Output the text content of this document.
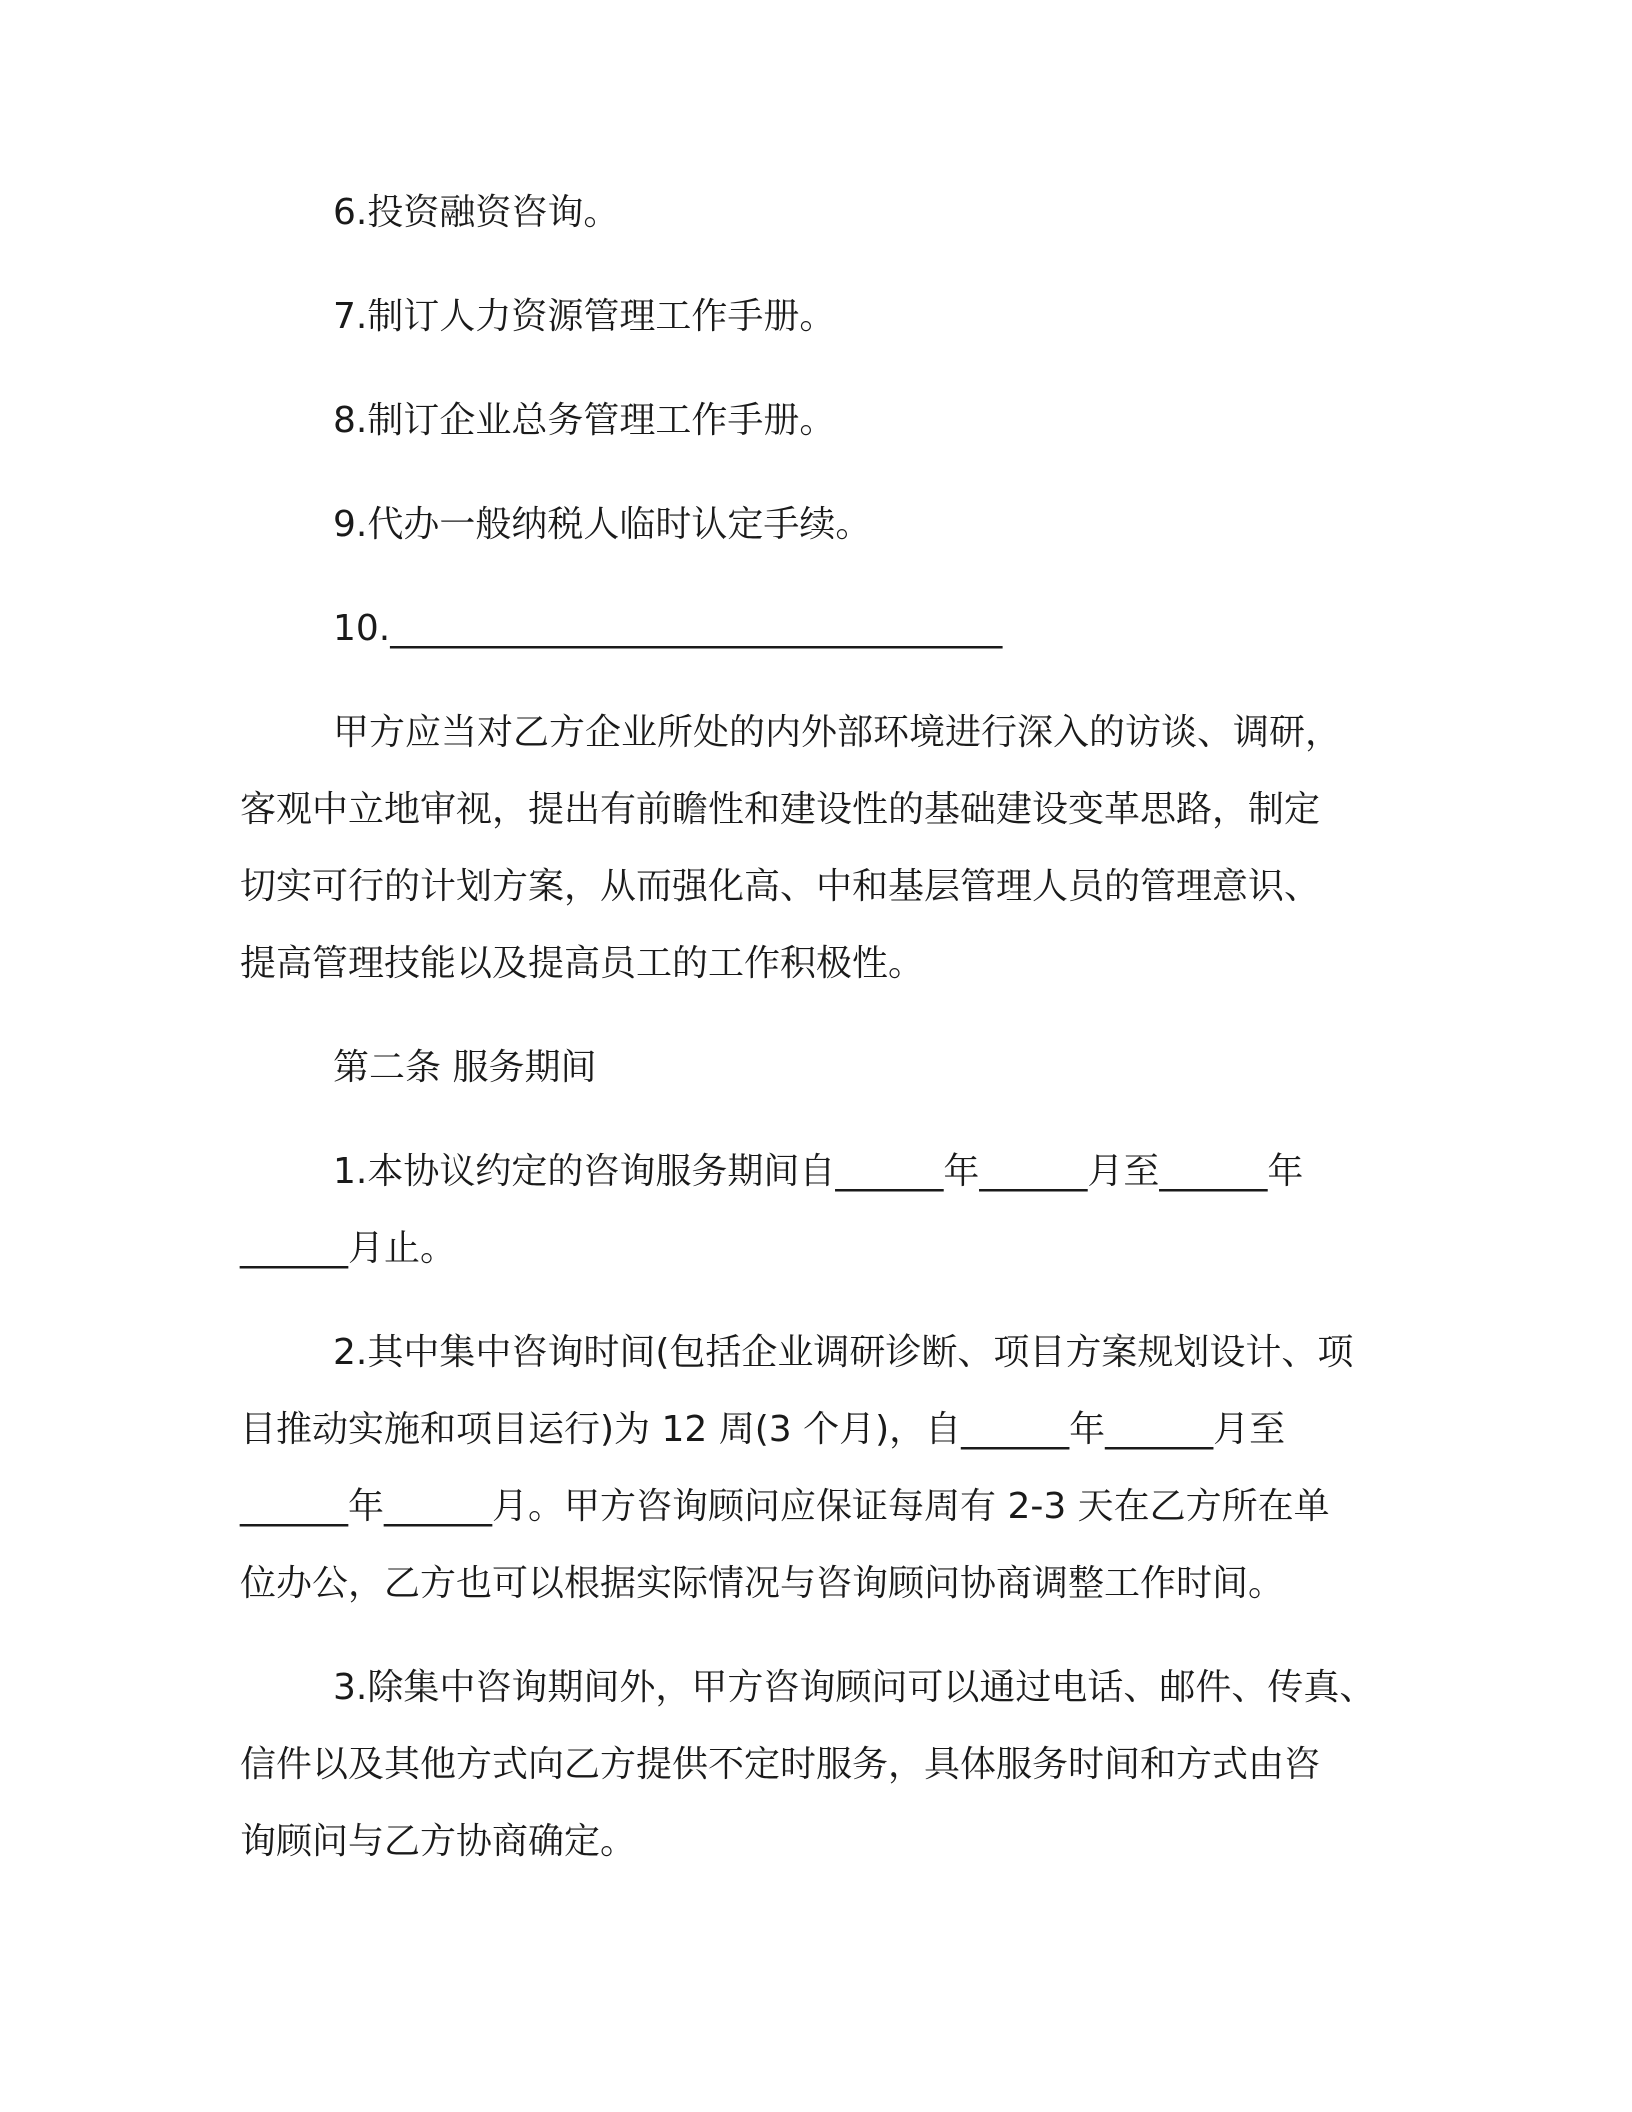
6.投资融资咨询。

7.制订人力资源管理工作手册。

8.制订企业总务管理工作手册。

9.代办一般纳税人临时认定手续。

10.__________________________________

甲方应当对乙方企业所处的内外部环境进行深入的访谈、调研，
客观中立地审视，提出有前瞻性和建设性的基础建设变革思路，制定
切实可行的计划方案，从而强化高、中和基层管理人员的管理意识、
提高管理技能以及提高员工的工作积极性。

第二条 服务期间

1.本协议约定的咨询服务期间自______年______月至______年
______月止。

2.其中集中咨询时间(包括企业调研诊断、项目方案规划设计、项
目推动实施和项目运行)为 12 周(3 个月)，自______年______月至
______年______月。甲方咨询顾问应保证每周有 2-3 天在乙方所在单
位办公，乙方也可以根据实际情况与咨询顾问协商调整工作时间。

3.除集中咨询期间外，甲方咨询顾问可以通过电话、邮件、传真、
信件以及其他方式向乙方提供不定时服务，具体服务时间和方式由咨
询顾问与乙方协商确定。
